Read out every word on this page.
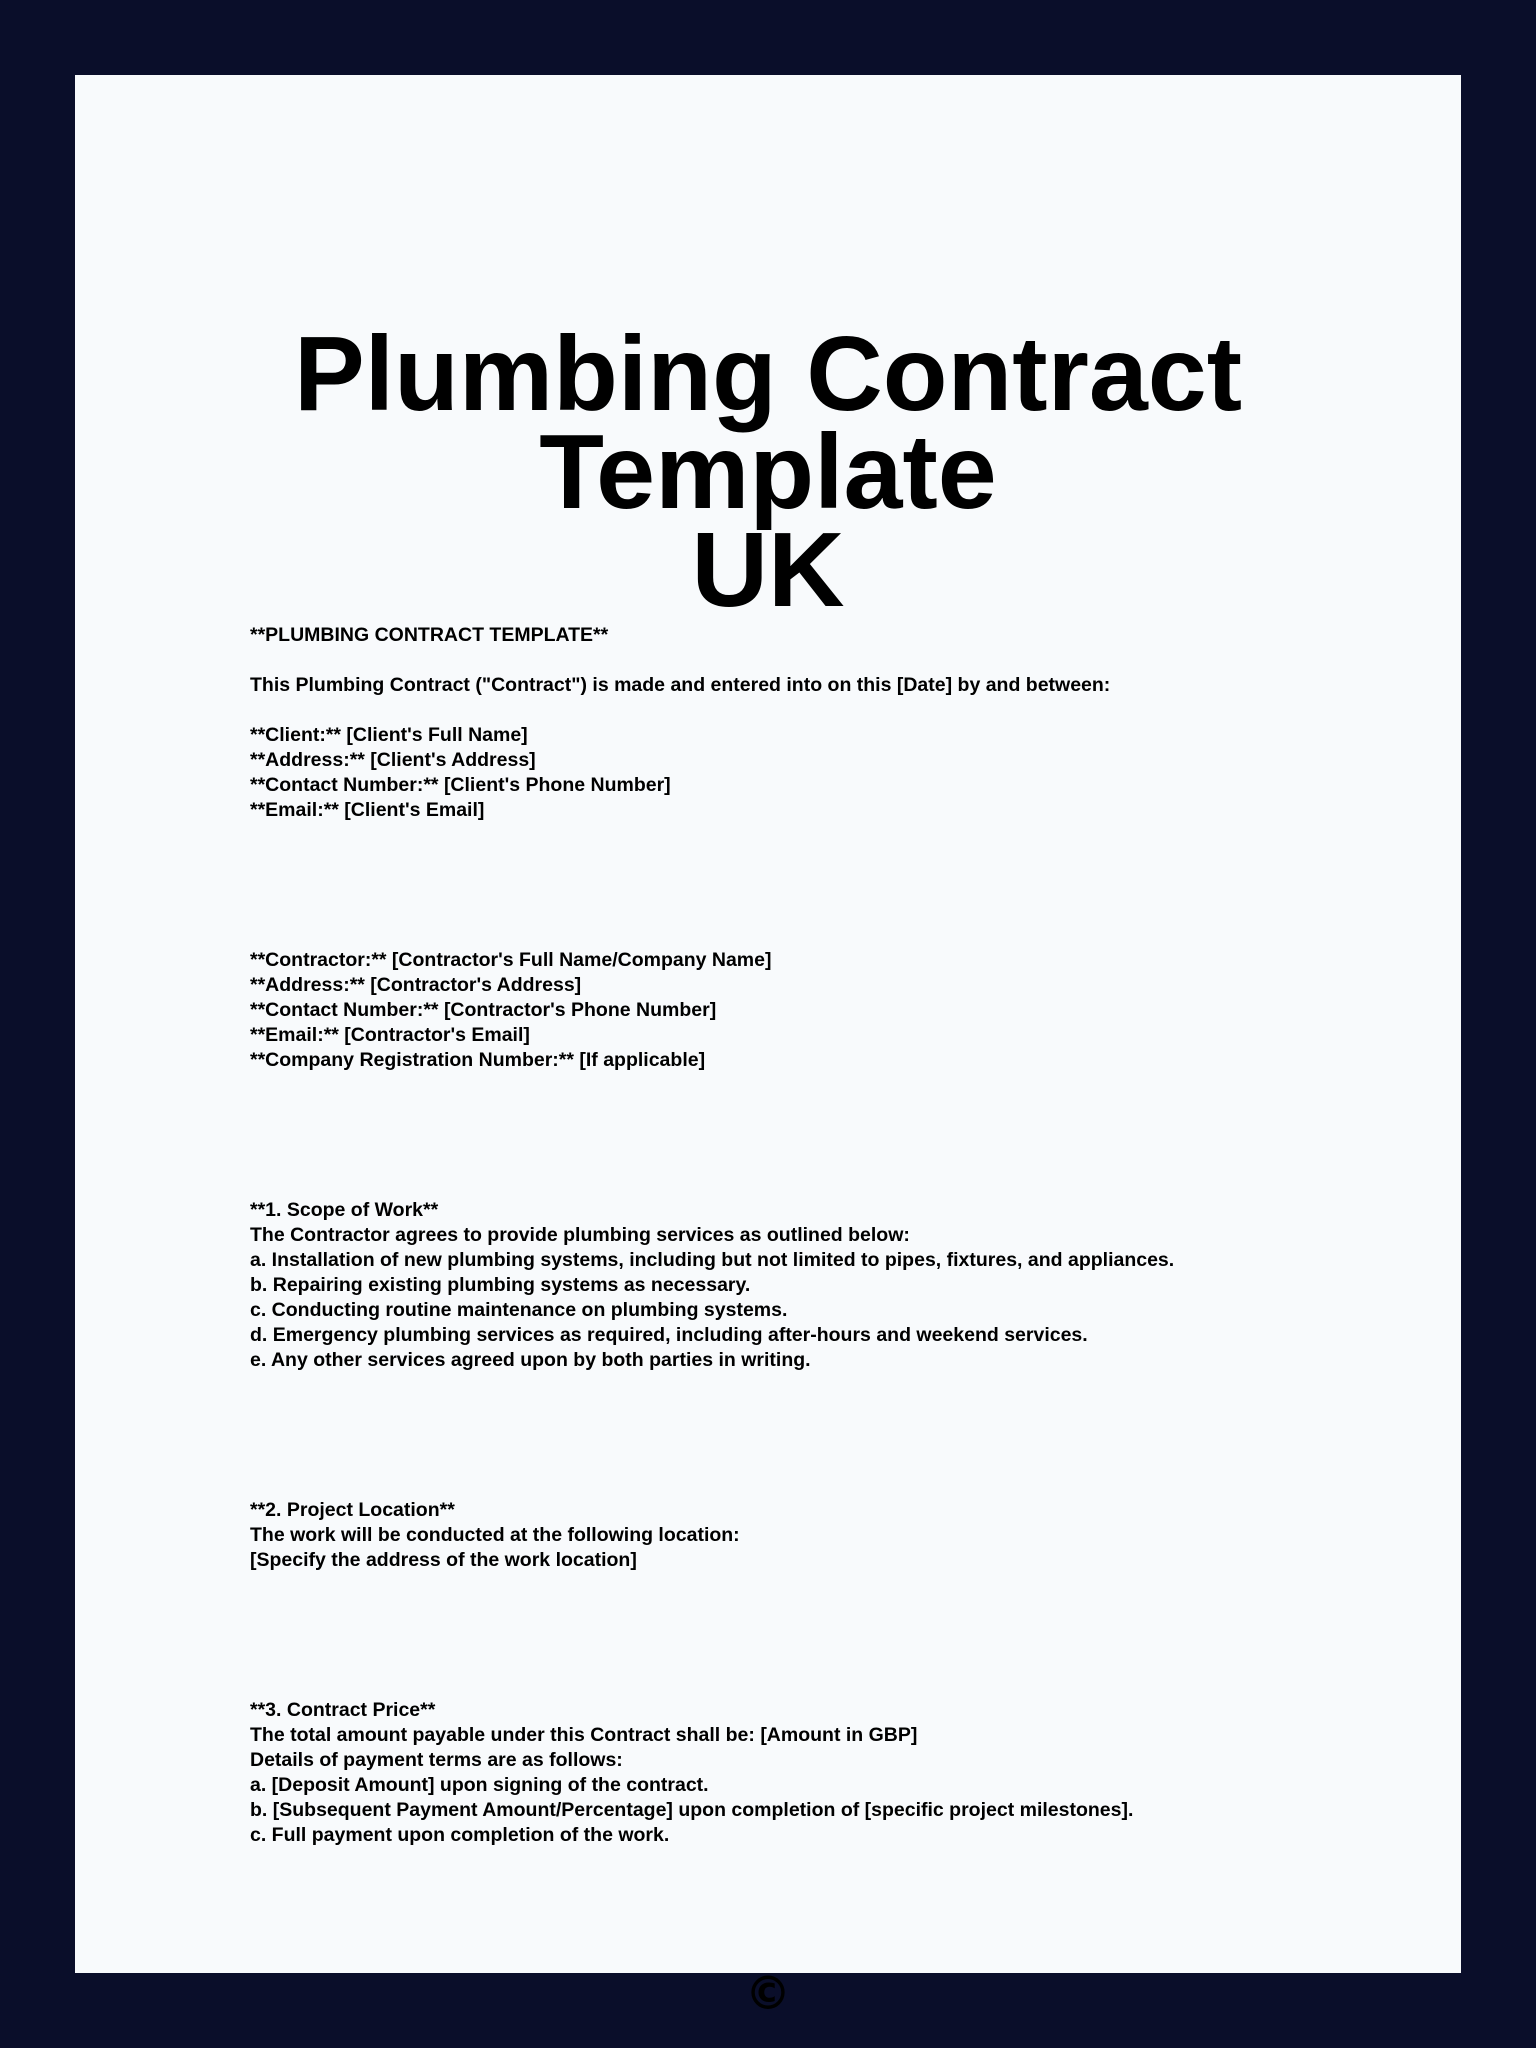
Plumbing Contract Template
UK
**PLUMBING CONTRACT TEMPLATE**
This Plumbing Contract ("Contract") is made and entered into on this [Date] by and between:
**Client:** [Client's Full Name]
**Address:** [Client's Address]
**Contact Number:** [Client's Phone Number]
**Email:** [Client's Email]
**Contractor:** [Contractor's Full Name/Company Name]
**Address:** [Contractor's Address]
**Contact Number:** [Contractor's Phone Number]
**Email:** [Contractor's Email]
**Company Registration Number:** [If applicable]
**1. Scope of Work**
The Contractor agrees to provide plumbing services as outlined below:
a. Installation of new plumbing systems, including but not limited to pipes, fixtures, and appliances.
b. Repairing existing plumbing systems as necessary.
c. Conducting routine maintenance on plumbing systems.
d. Emergency plumbing services as required, including after-hours and weekend services.
e. Any other services agreed upon by both parties in writing.
**2. Project Location**
The work will be conducted at the following location:
[Specify the address of the work location]
**3. Contract Price**
The total amount payable under this Contract shall be: [Amount in GBP]
Details of payment terms are as follows:
a. [Deposit Amount] upon signing of the contract.
b. [Subsequent Payment Amount/Percentage] upon completion of [specific project milestones].
c. Full payment upon completion of the work.
©
